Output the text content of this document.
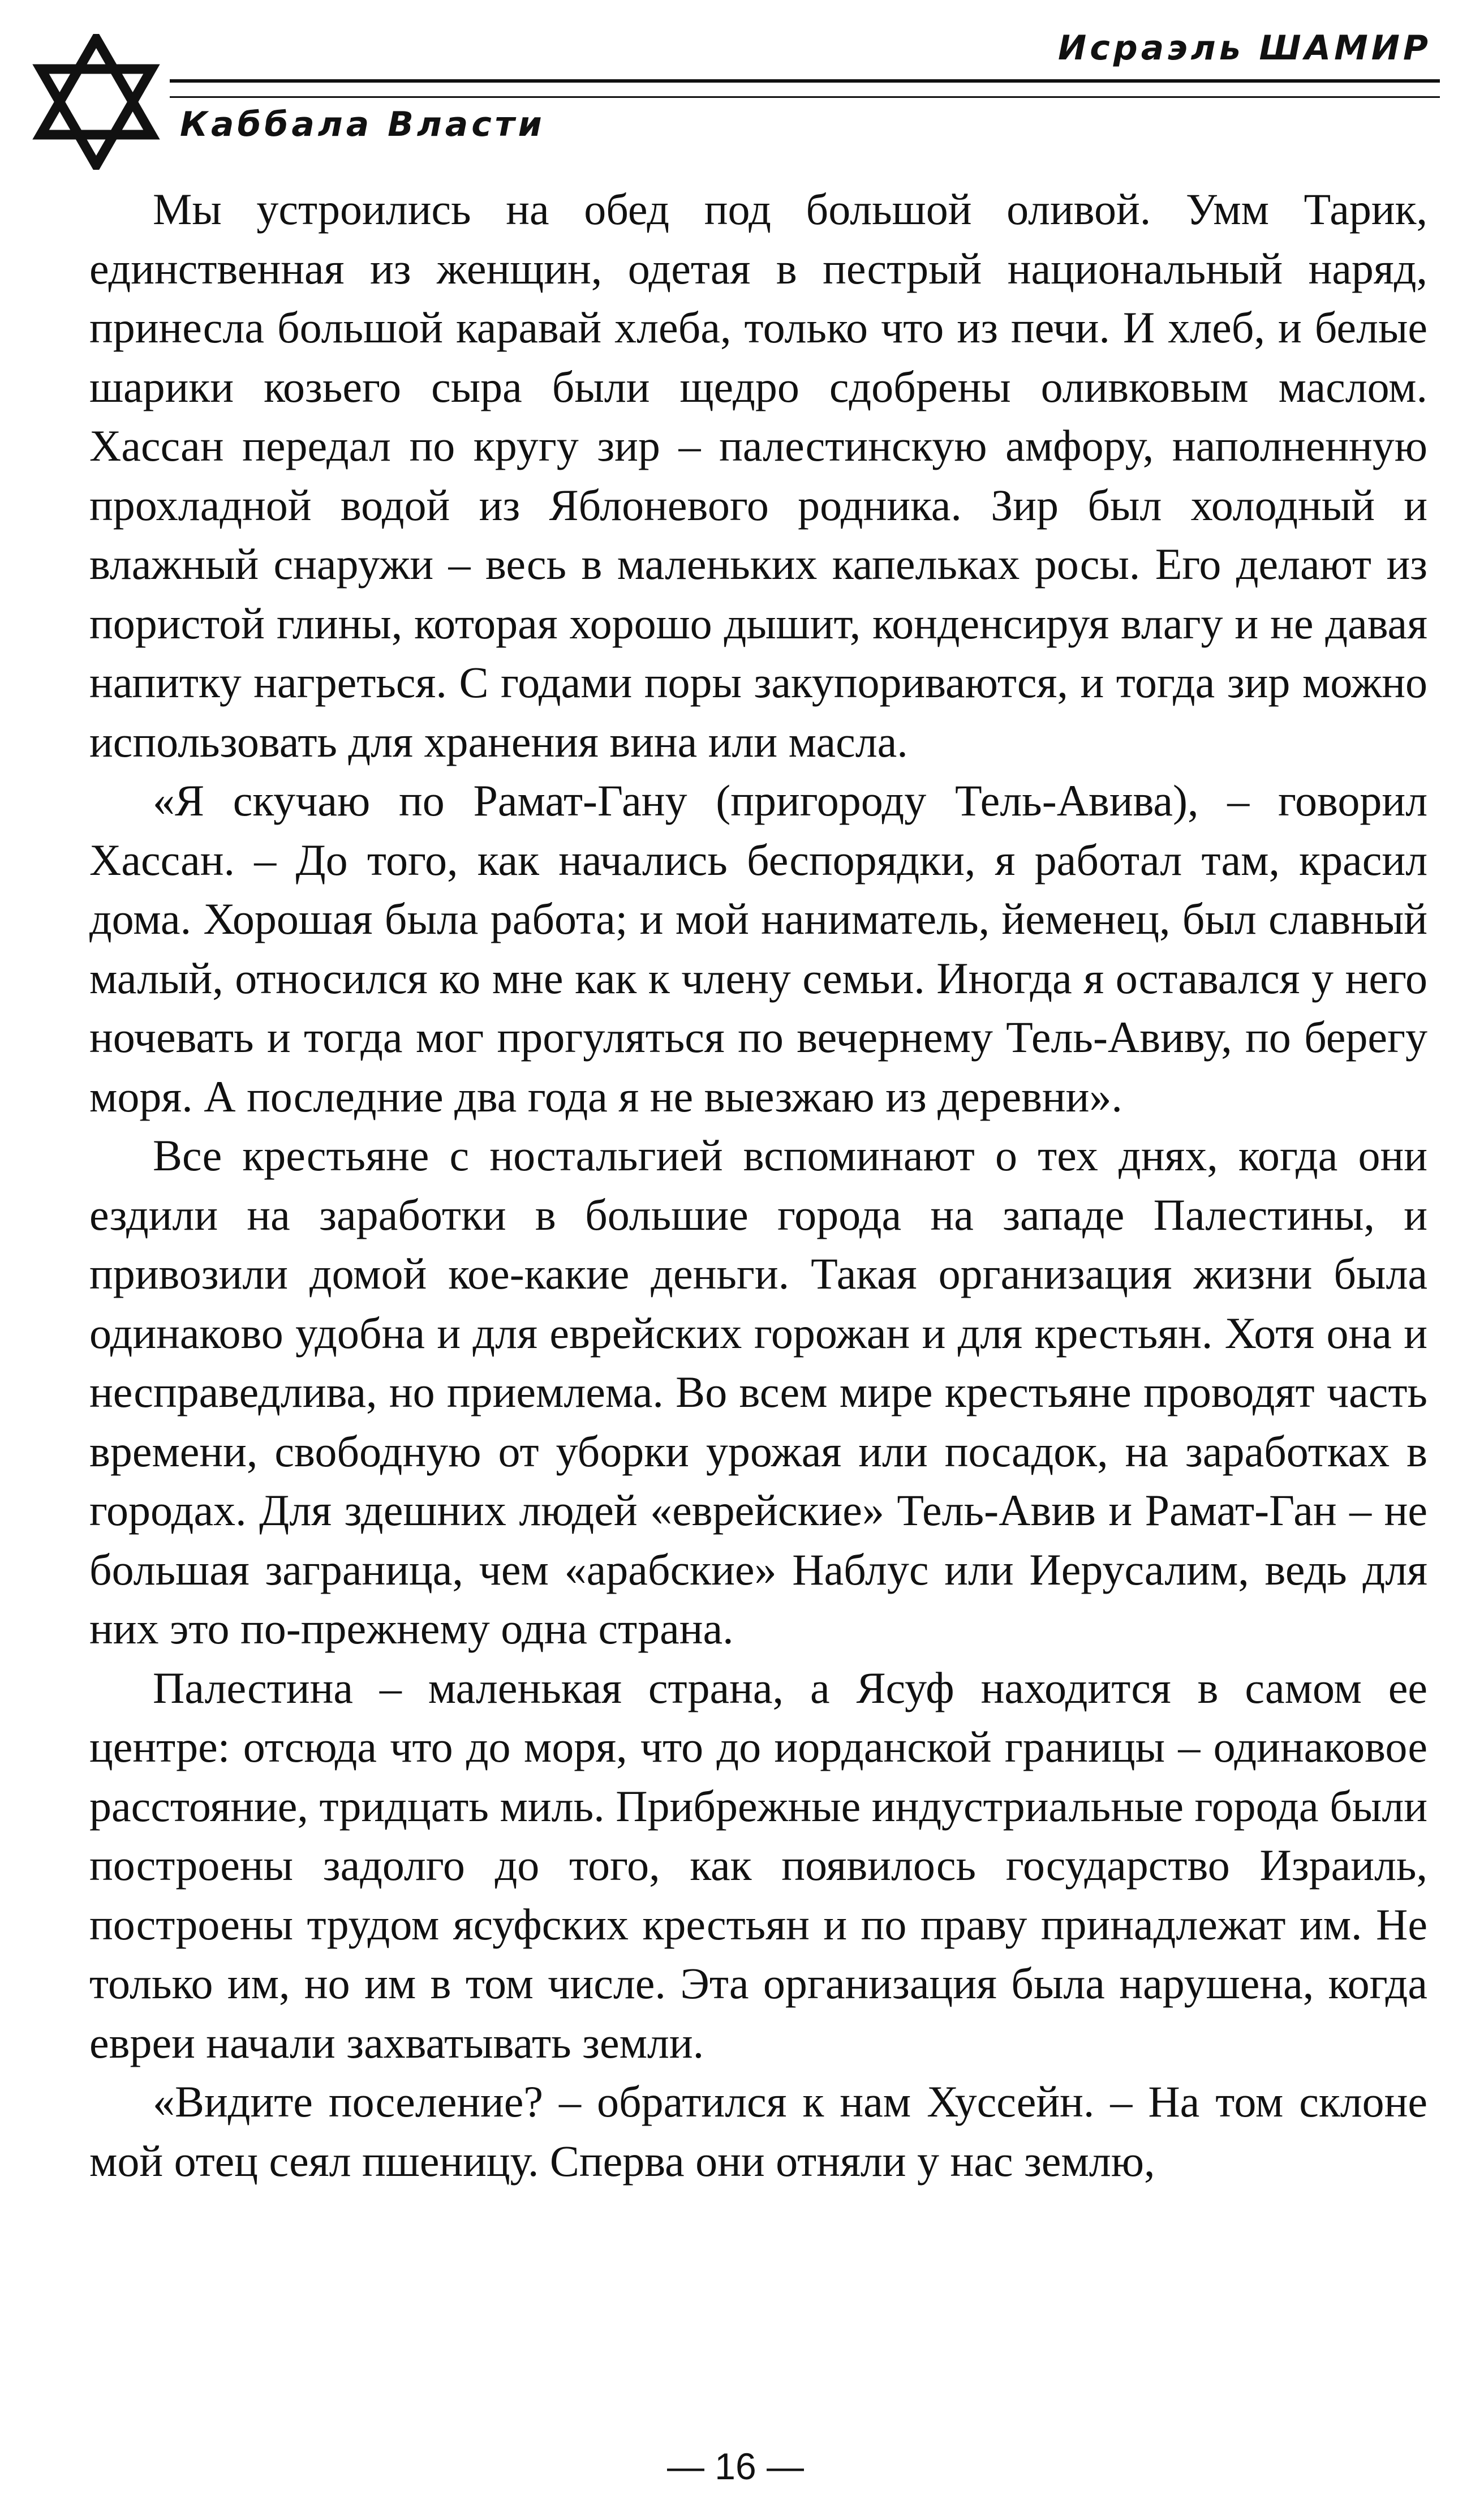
Исраэль ШАМИР
Каббала Власти

Мы устроились на обед под большой оливой. Умм Тарик, единственная из женщин, одетая в пестрый национальный наряд, принесла большой каравай хлеба, только что из печи. И хлеб, и белые шарики козьего сыра были щедро сдобрены оливковым маслом. Хассан передал по кругу зир – палестинскую амфору, наполненную прохладной водой из Яблоневого родника. Зир был холодный и влажный снаружи – весь в маленьких капельках росы. Его делают из пористой глины, которая хорошо дышит, конденсируя влагу и не давая напитку нагреться. С годами поры закупориваются, и тогда зир можно использовать для хранения вина или масла.

«Я скучаю по Рамат-Гану (пригороду Тель-Авива), – говорил Хассан. – До того, как начались беспорядки, я работал там, красил дома. Хорошая была работа; и мой наниматель, йеменец, был славный малый, относился ко мне как к члену семьи. Иногда я оставался у него ночевать и тогда мог прогуляться по вечернему Тель-Авиву, по берегу моря. А последние два года я не выезжаю из деревни».

Все крестьяне с ностальгией вспоминают о тех днях, когда они ездили на заработки в большие города на западе Палестины, и привозили домой кое-какие деньги. Такая организация жизни была одинаково удобна и для еврейских горожан и для крестьян. Хотя она и несправедлива, но приемлема. Во всем мире крестьяне проводят часть времени, свободную от уборки урожая или посадок, на заработках в городах. Для здешних людей «еврейские» Тель-Авив и Рамат-Ган – не большая заграница, чем «арабские» Наблус или Иерусалим, ведь для них это по-прежнему одна страна.

Палестина – маленькая страна, а Ясуф находится в самом ее центре: отсюда что до моря, что до иорданской границы – одинаковое расстояние, тридцать миль. Прибрежные индустриальные города были построены задолго до того, как появилось государство Израиль, построены трудом ясуфских крестьян и по праву принадлежат им. Не только им, но им в том числе. Эта организация была нарушена, когда евреи начали захватывать земли.

«Видите поселение? – обратился к нам Хуссейн. – На том склоне мой отец сеял пшеницу. Сперва они отняли у нас землю,

— 16 —
